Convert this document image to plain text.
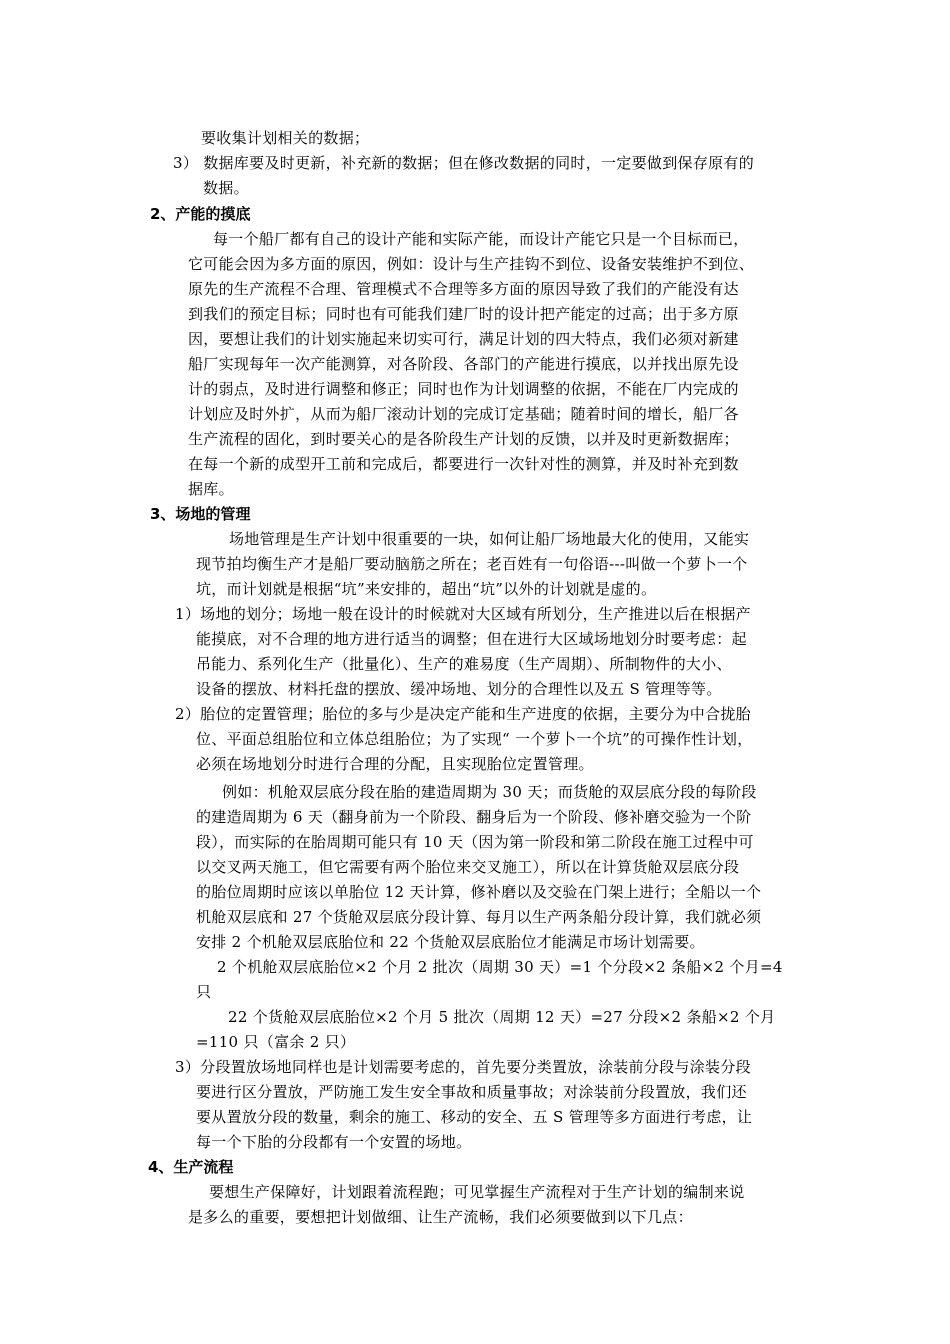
要收集计划相关的数据；
3） 数据库要及时更新，补充新的数据；但在修改数据的同时，一定要做到保存原有的
数据。
2、产能的摸底
每一个船厂都有自己的设计产能和实际产能，而设计产能它只是一个目标而已，
它可能会因为多方面的原因，例如：设计与生产挂钩不到位、设备安装维护不到位、
原先的生产流程不合理、管理模式不合理等多方面的原因导致了我们的产能没有达
到我们的预定目标；同时也有可能我们建厂时的设计把产能定的过高；出于多方原
因，要想让我们的计划实施起来切实可行，满足计划的四大特点，我们必须对新建
船厂实现每年一次产能测算，对各阶段、各部门的产能进行摸底，以并找出原先设
计的弱点，及时进行调整和修正；同时也作为计划调整的依据，不能在厂内完成的
计划应及时外扩，从而为船厂滚动计划的完成订定基础；随着时间的增长，船厂各
生产流程的固化，到时要关心的是各阶段生产计划的反馈，以并及时更新数据库；
在每一个新的成型开工前和完成后，都要进行一次针对性的测算，并及时补充到数
据库。
3、场地的管理
场地管理是生产计划中很重要的一块，如何让船厂场地最大化的使用，又能实
现节拍均衡生产才是船厂要动脑筋之所在；老百姓有一句俗语---叫做一个萝卜一个
坑，而计划就是根据“坑”来安排的，超出“坑”以外的计划就是虚的。
1）场地的划分；场地一般在设计的时候就对大区域有所划分，生产推进以后在根据产
能摸底，对不合理的地方进行适当的调整；但在进行大区域场地划分时要考虑：起
吊能力、系列化生产（批量化）、生产的难易度（生产周期）、所制物件的大小、
设备的摆放、材料托盘的摆放、缓冲场地、划分的合理性以及五 S 管理等等。
2）胎位的定置管理；胎位的多与少是决定产能和生产进度的依据，主要分为中合拢胎
位、平面总组胎位和立体总组胎位；为了实现“ 一个萝卜一个坑”的可操作性计划，
必须在场地划分时进行合理的分配，且实现胎位定置管理。
例如：机舱双层底分段在胎的建造周期为 30 天；而货舱的双层底分段的每阶段
的建造周期为 6 天（翻身前为一个阶段、翻身后为一个阶段、修补磨交验为一个阶
段），而实际的在胎周期可能只有 10 天（因为第一阶段和第二阶段在施工过程中可
以交叉两天施工，但它需要有两个胎位来交叉施工），所以在计算货舱双层底分段
的胎位周期时应该以单胎位 12 天计算，修补磨以及交验在门架上进行；全船以一个
机舱双层底和 27 个货舱双层底分段计算、每月以生产两条船分段计算，我们就必须
安排 2 个机舱双层底胎位和 22 个货舱双层底胎位才能满足市场计划需要。
2 个机舱双层底胎位×2 个月 2 批次（周期 30 天）=1 个分段×2 条船×2 个月=4
只
22 个货舱双层底胎位×2 个月 5 批次（周期 12 天）=27 分段×2 条船×2 个月
=110 只（富余 2 只）
3）分段置放场地同样也是计划需要考虑的，首先要分类置放，涂装前分段与涂装分段
要进行区分置放，严防施工发生安全事故和质量事故；对涂装前分段置放，我们还
要从置放分段的数量，剩余的施工、移动的安全、五 S 管理等多方面进行考虑，让
每一个下胎的分段都有一个安置的场地。
4、生产流程
要想生产保障好，计划跟着流程跑；可见掌握生产流程对于生产计划的编制来说
是多么的重要，要想把计划做细、让生产流畅，我们必须要做到以下几点：
